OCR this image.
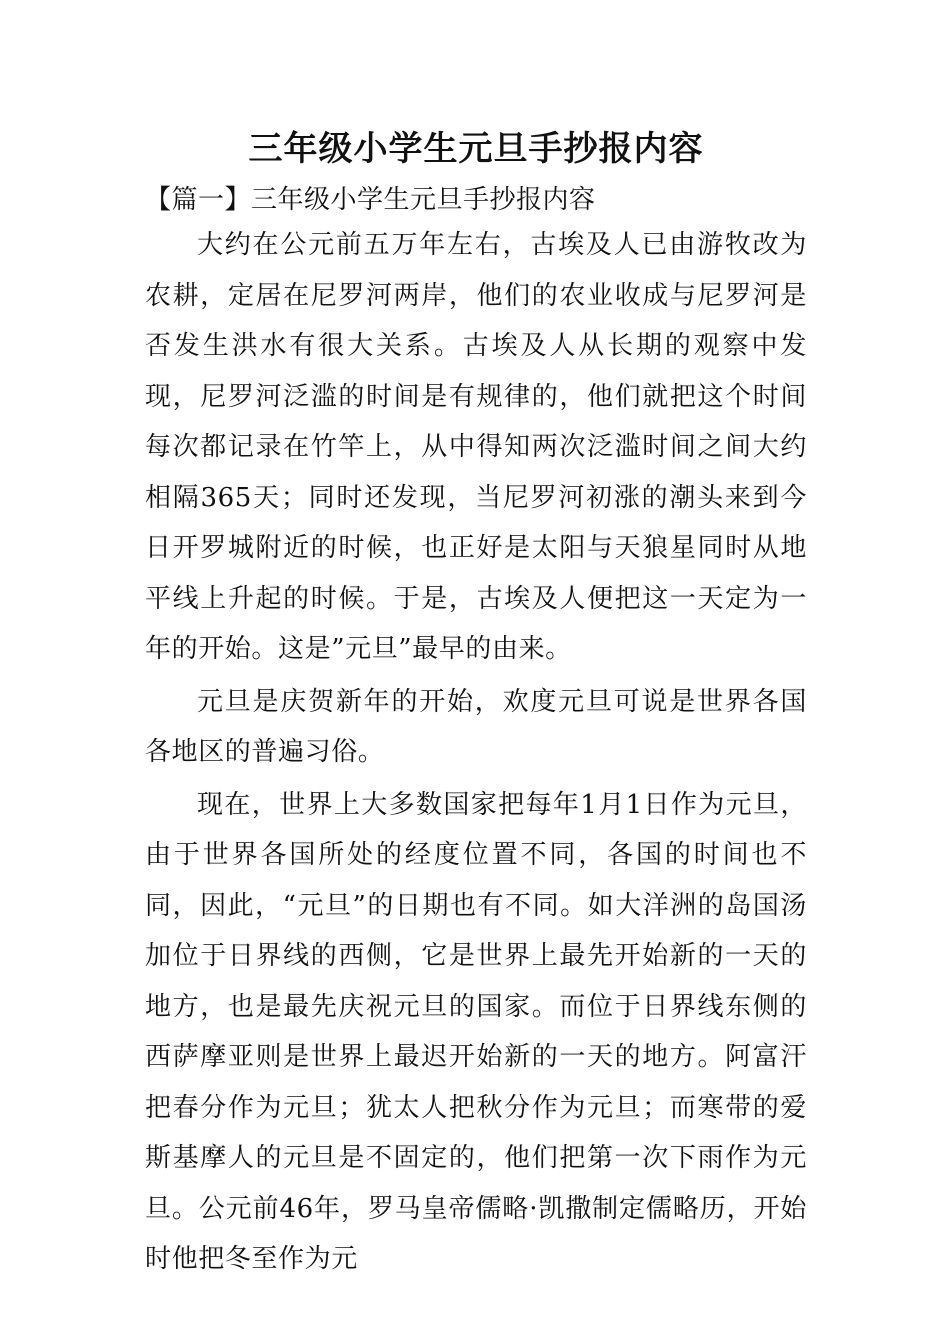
三年级小学生元旦手抄报内容

【篇一】三年级小学生元旦手抄报内容

大约在公元前五万年左右，古埃及人已由游牧改为农耕，定居在尼罗河两岸，他们的农业收成与尼罗河是否发生洪水有很大关系。古埃及人从长期的观察中发现，尼罗河泛滥的时间是有规律的，他们就把这个时间每次都记录在竹竿上，从中得知两次泛滥时间之间大约相隔365天；同时还发现，当尼罗河初涨的潮头来到今日开罗城附近的时候，也正好是太阳与天狼星同时从地平线上升起的时候。于是，古埃及人便把这一天定为一年的开始。这是”元旦”最早的由来。

元旦是庆贺新年的开始，欢度元旦可说是世界各国各地区的普遍习俗。

现在，世界上大多数国家把每年1月1日作为元旦，由于世界各国所处的经度位置不同，各国的时间也不同，因此，“元旦”的日期也有不同。如大洋洲的岛国汤加位于日界线的西侧，它是世界上最先开始新的一天的地方，也是最先庆祝元旦的国家。而位于日界线东侧的西萨摩亚则是世界上最迟开始新的一天的地方。阿富汗把春分作为元旦；犹太人把秋分作为元旦；而寒带的爱斯基摩人的元旦是不固定的，他们把第一次下雨作为元旦。公元前46年，罗马皇帝儒略·凯撒制定儒略历，开始时他把冬至作为元
